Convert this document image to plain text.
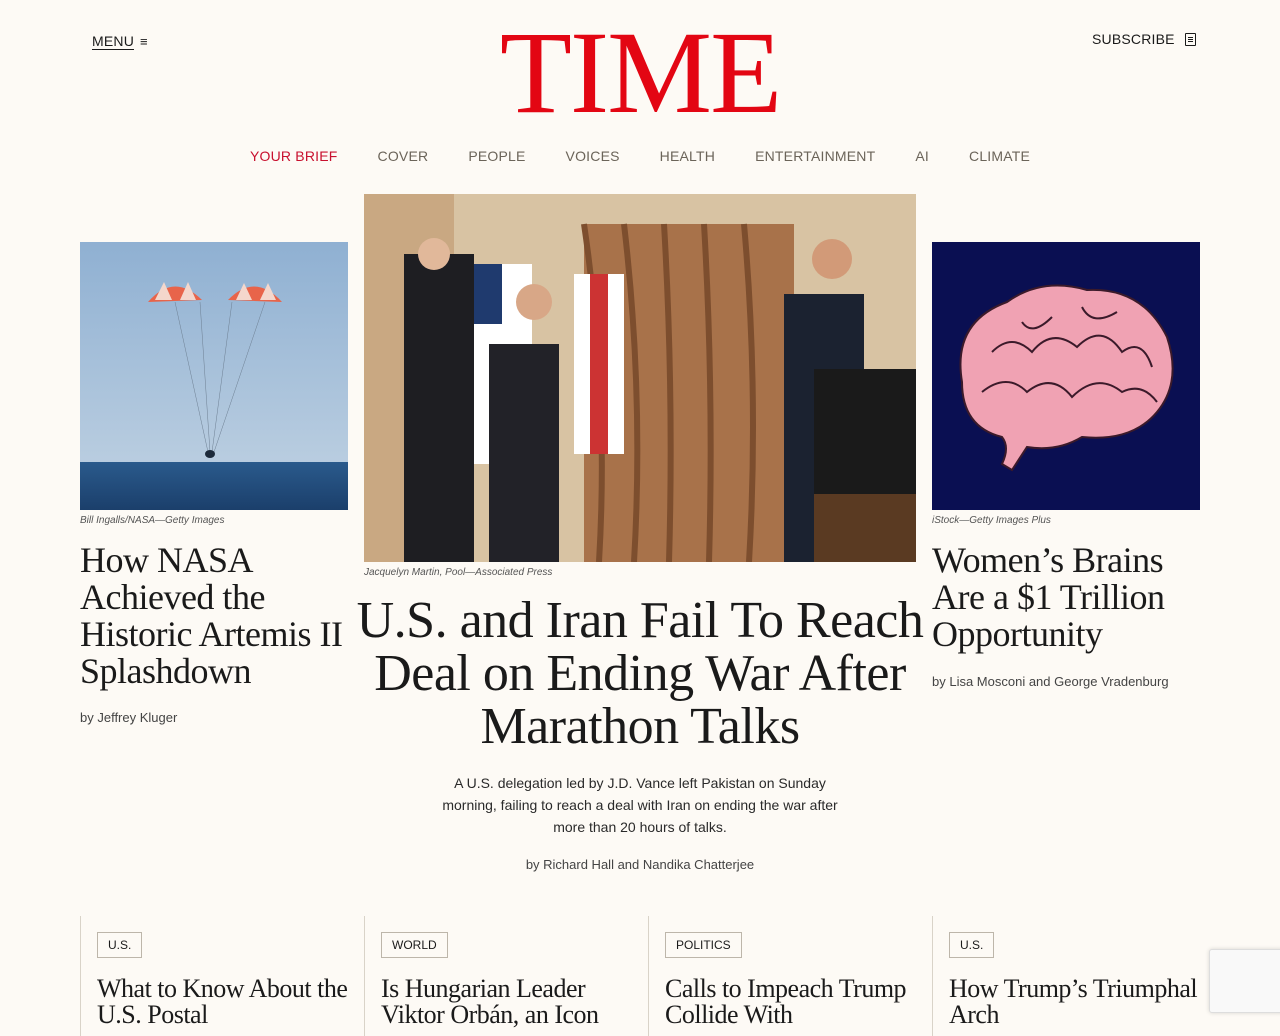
MENU ≡	TIME	SUBSCRIBE
YOUR BRIEF	COVER	PEOPLE	VOICES	HEALTH	ENTERTAINMENT	AI	CLIMATE
Bill Ingalls/NASA—Getty Images
How NASA Achieved the Historic Artemis II Splashdown
by Jeffrey Kluger
Jacquelyn Martin, Pool—Associated Press
U.S. and Iran Fail To Reach Deal on Ending War After Marathon Talks
A U.S. delegation led by J.D. Vance left Pakistan on Sunday morning, failing to reach a deal with Iran on ending the war after more than 20 hours of talks.
by Richard Hall and Nandika Chatterjee
iStock—Getty Images Plus
Women’s Brains Are a $1 Trillion Opportunity
by Lisa Mosconi and George Vradenburg
U.S.
What to Know About the U.S. Postal
WORLD
Is Hungarian Leader Viktor Orbán, an Icon
POLITICS
Calls to Impeach Trump Collide With
U.S.
How Trump’s Triumphal Arch
